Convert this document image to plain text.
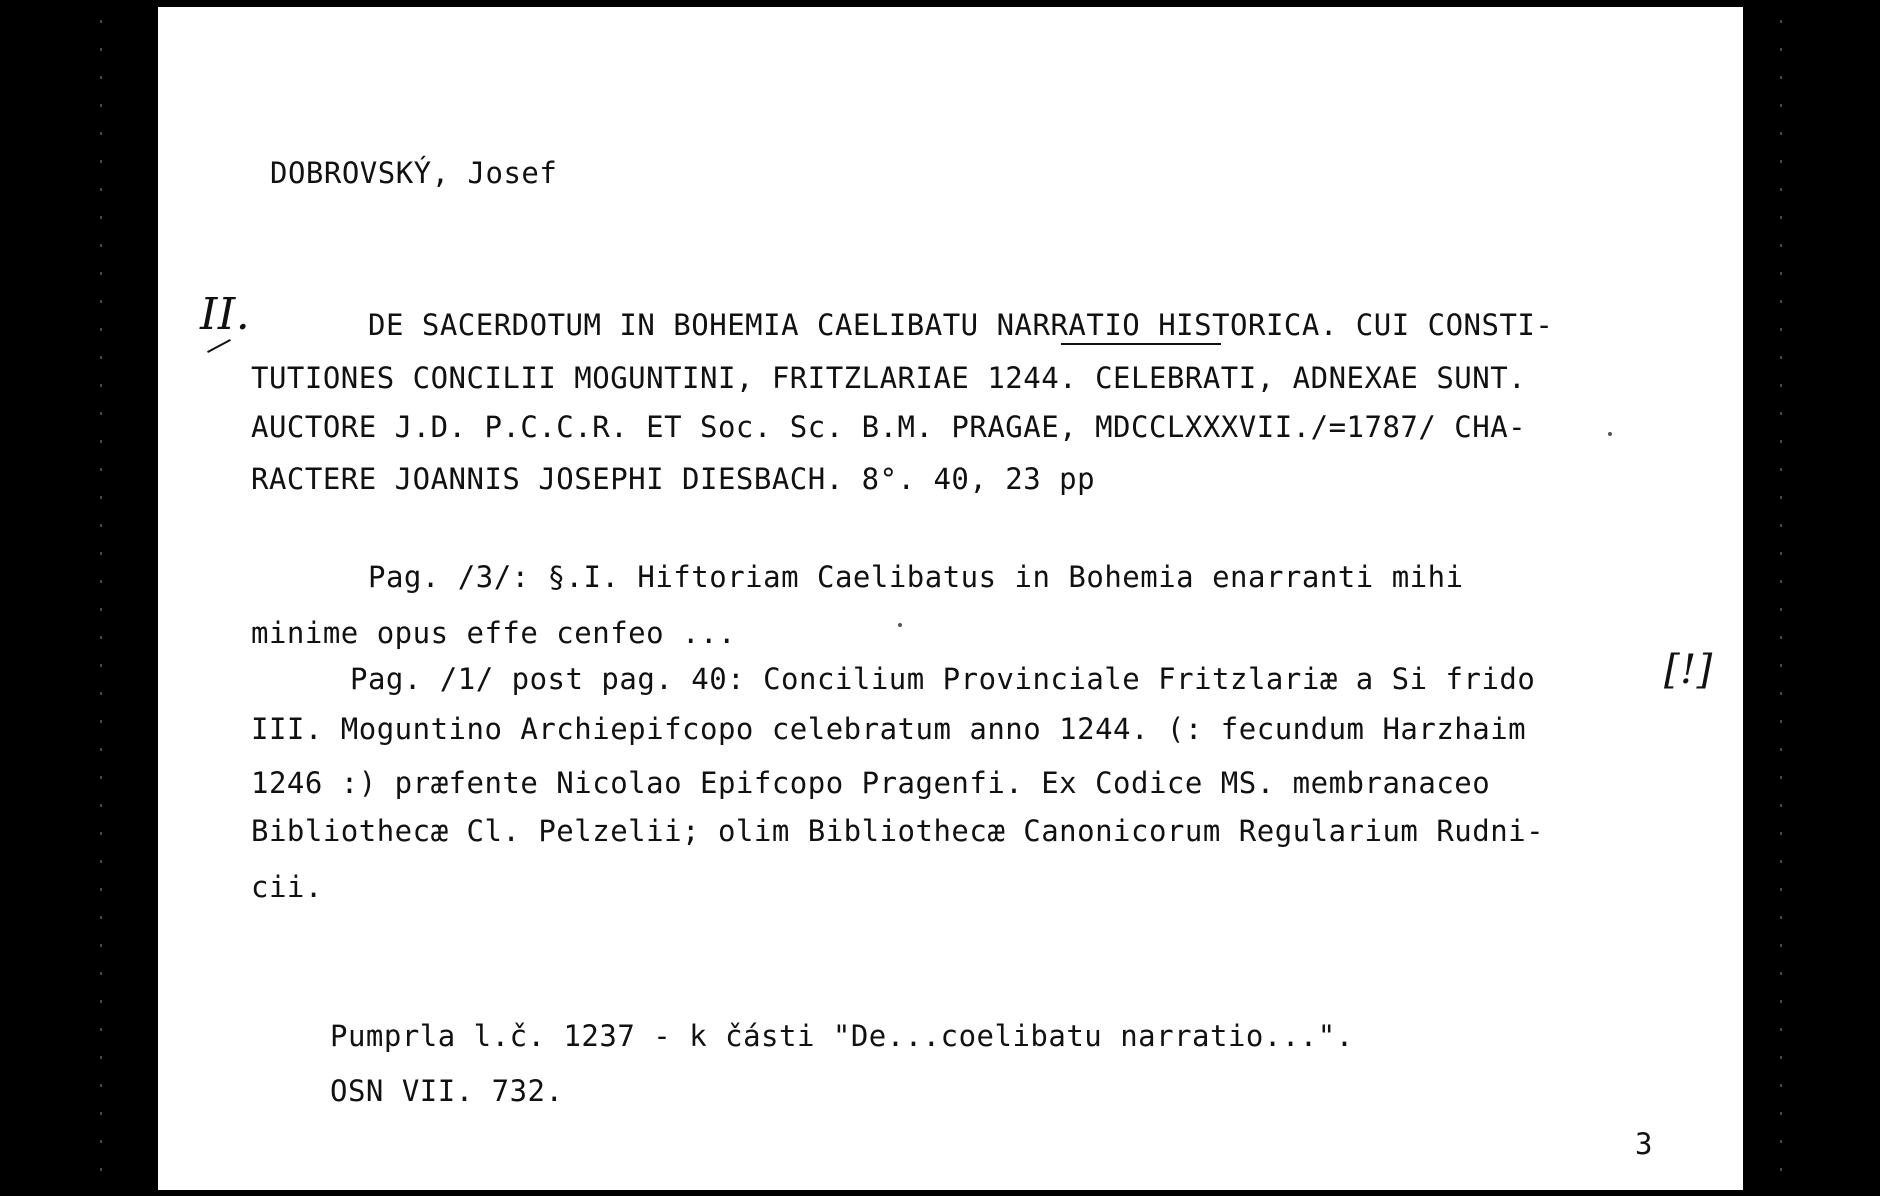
DOBROVSKÝ, Josef
II.	DE SACERDOTUM IN BOHEMIA CAELIBATU NARRATIO HISTORICA. CUI CONSTI-
TUTIONES CONCILII MOGUNTINI, FRITZLARIAE 1244. CELEBRATI, ADNEXAE SUNT.
AUCTORE J.D. P.C.C.R. ET Soc. Sc. B.M. PRAGAE, MDCCLXXXVII./=1787/ CHA-
RACTERE JOANNIS JOSEPHI DIESBACH. 8°. 40, 23 pp
Pag. /3/: §.I. Hiftoriam Caelibatus in Bohemia enarranti mihi
minime opus effe cenfeo ...
Pag. /1/ post pag. 40: Concilium Provinciale Fritzlariæ a Si frido	[!]
III. Moguntino Archiepifcopo celebratum anno 1244. (: fecundum Harzhaim
1246 :) præfente Nicolao Epifcopo Pragenfi. Ex Codice MS. membranaceo
Bibliothecæ Cl. Pelzelii; olim Bibliothecæ Canonicorum Regularium Rudni-
cii.
Pumprla l.č. 1237 - k části "De...coelibatu narratio...".
OSN VII. 732.
3
